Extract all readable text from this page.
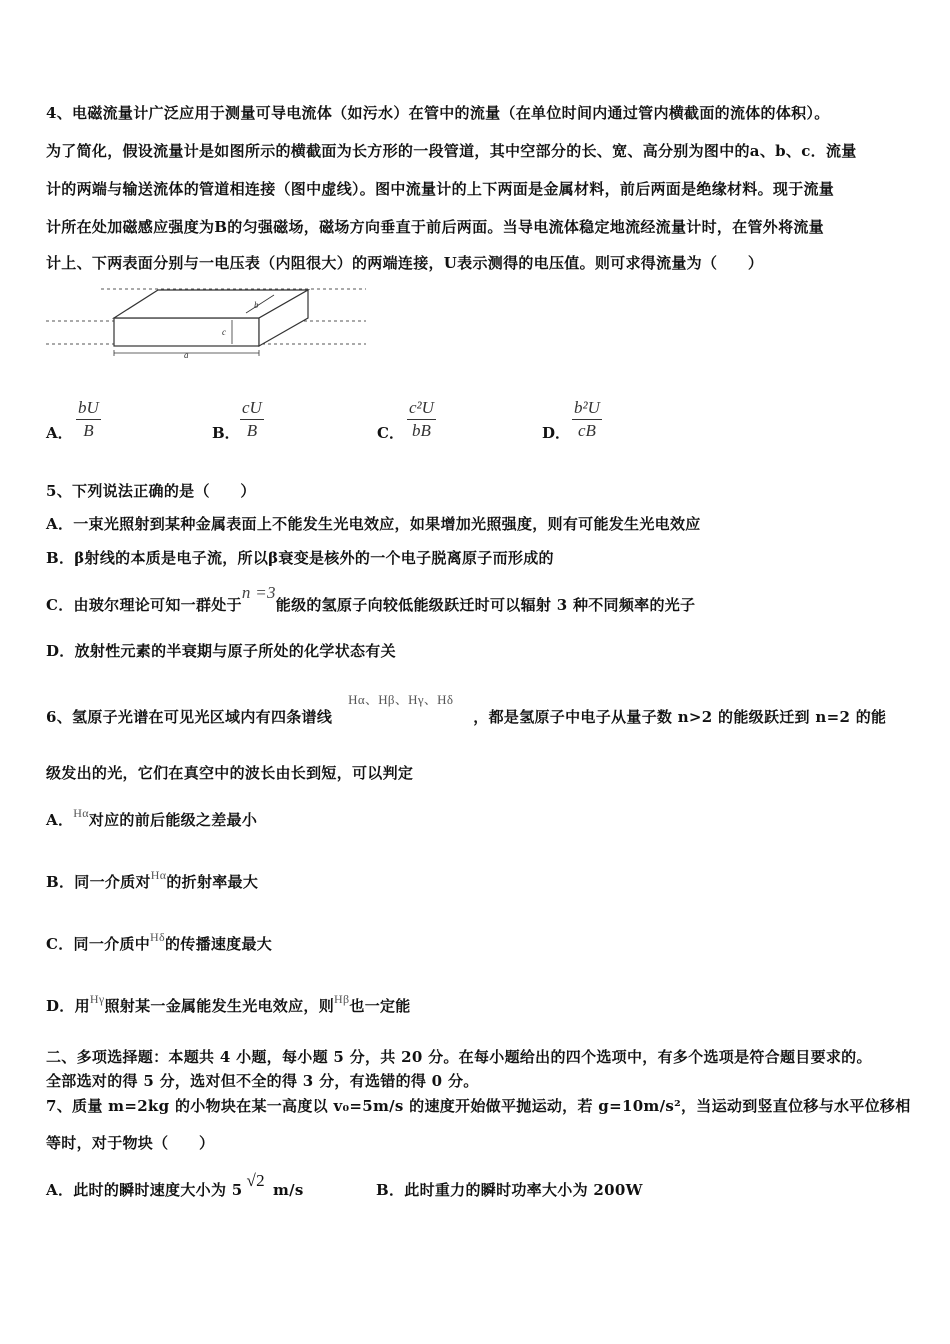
4、电磁流量计广泛应用于测量可导电流体（如污水）在管中的流量（在单位时间内通过管内横截面的流体的体积）。
为了简化，假设流量计是如图所示的横截面为长方形的一段管道，其中空部分的长、宽、高分别为图中的a、b、c．流量
计的两端与输送流体的管道相连接（图中虚线）。图中流量计的上下两面是金属材料，前后两面是绝缘材料。现于流量
计所在处加磁感应强度为B的匀强磁场，磁场方向垂直于前后两面。当导电流体稳定地流经流量计时，在管外将流量
计上、下两表面分别与一电压表（内阻很大）的两端连接，U表示测得的电压值。则可求得流量为（　　）
b
c
a
A．
bU
B	B．
cU
B	C．
c²U
bB	D．
b²U
cB
5、下列说法正确的是（　　）
A．一束光照射到某种金属表面上不能发生光电效应，如果增加光照强度，则有可能发生光电效应
B．β射线的本质是电子流，所以β衰变是核外的一个电子脱离原子而形成的
C．由玻尔理论可知一群处于n =3能级的氢原子向较低能级跃迁时可以辐射 3 种不同频率的光子
D．放射性元素的半衰期与原子所处的化学状态有关
6、氢原子光谱在可见光区域内有四条谱线Hα、Hβ、Hγ、Hδ，都是氢原子中电子从量子数 n>2 的能级跃迁到 n=2 的能
级发出的光，它们在真空中的波长由长到短，可以判定
A．Hα对应的前后能级之差最小
B．同一介质对Hα的折射率最大
C．同一介质中Hδ的传播速度最大
D．用Hγ照射某一金属能发生光电效应，则Hβ也一定能
二、多项选择题：本题共 4 小题，每小题 5 分，共 20 分。在每小题给出的四个选项中，有多个选项是符合题目要求的。
全部选对的得 5 分，选对但不全的得 3 分，有选错的得 0 分。
7、质量 m=2kg 的小物块在某一高度以 v₀=5m/s 的速度开始做平抛运动，若 g=10m/s²，当运动到竖直位移与水平位移相
等时，对于物块（　　）
A．此时的瞬时速度大小为 5 √2 m/s	B．此时重力的瞬时功率大小为 200W
